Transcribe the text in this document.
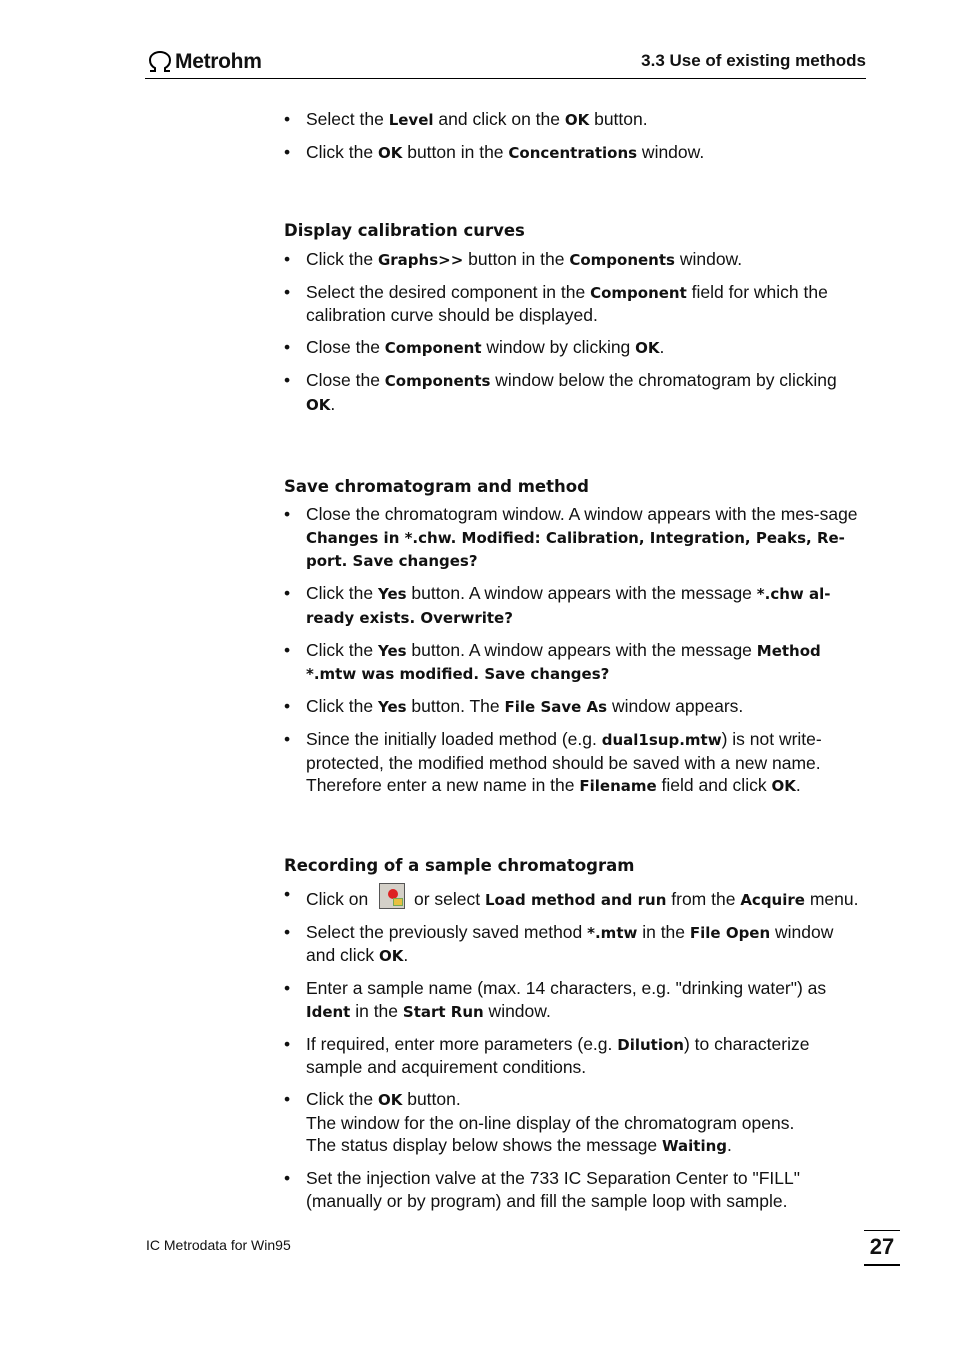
Metrohm	3.3 Use of existing methods
• Select the Level and click on the OK button.
• Click the OK button in the Concentrations window.
Display calibration curves
• Click the Graphs>> button in the Components window.
• Select the desired component in the Component field for which the calibration curve should be displayed.
• Close the Component window by clicking OK.
• Close the Components window below the chromatogram by clicking OK.
Save chromatogram and method
• Close the chromatogram window. A window appears with the mes-sage Changes in *.chw. Modified: Calibration, Integration, Peaks, Re-port. Save changes?
• Click the Yes button. A window appears with the message *.chw al-ready exists. Overwrite?
• Click the Yes button. A window appears with the message Method *.mtw was modified. Save changes?
• Click the Yes button. The File Save As window appears.
• Since the initially loaded method (e.g. dual1sup.mtw) is not write-protected, the modified method should be saved with a new name. Therefore enter a new name in the Filename field and click OK.
Recording of a sample chromatogram
• Click on	or select Load method and run from the Acquire menu.
• Select the previously saved method *.mtw in the File Open window and click OK.
• Enter a sample name (max. 14 characters, e.g. "drinking water") as Ident in the Start Run window.
• If required, enter more parameters (e.g. Dilution) to characterize sample and acquirement conditions.
• Click the OK button.
The window for the on-line display of the chromatogram opens.
The status display below shows the message Waiting.
• Set the injection valve at the 733 IC Separation Center to "FILL" (manually or by program) and fill the sample loop with sample.
IC Metrodata for Win95	27
